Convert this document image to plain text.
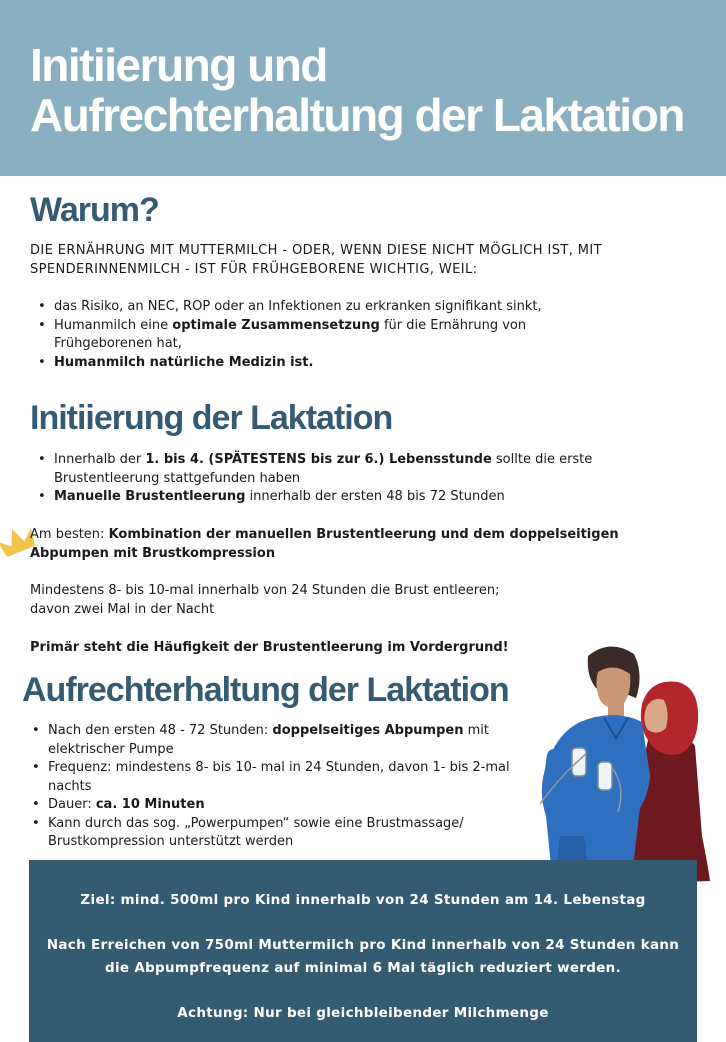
Initiierung und
Aufrechterhaltung der Laktation
Warum?

DIE ERNÄHRUNG MIT MUTTERMILCH - ODER, WENN DIESE NICHT MÖGLICH IST, MIT
SPENDERINNENMILCH - IST FÜR FRÜHGEBORENE WICHTIG, WEIL:

• das Risiko, an NEC, ROP oder an Infektionen zu erkranken signifikant sinkt,
• Humanmilch eine optimale Zusammensetzung für die Ernährung von
Frühgeborenen hat,
• Humanmilch natürliche Medizin ist.
Initiierung der Laktation
• Innerhalb der 1. bis 4. (SPÄTESTENS bis zur 6.) Lebensstunde sollte die erste
Brustentleerung stattgefunden haben
• Manuelle Brustentleerung innerhalb der ersten 48 bis 72 Stunden

Am besten: Kombination der manuellen Brustentleerung und dem doppelseitigen
Abpumpen mit Brustkompression

Mindestens 8- bis 10-mal innerhalb von 24 Stunden die Brust entleeren;
davon zwei Mal in der Nacht

Primär steht die Häufigkeit der Brustentleerung im Vordergrund!

Aufrechterhaltung der Laktation
• Nach den ersten 48 - 72 Stunden: doppelseitiges Abpumpen mit
elektrischer Pumpe
• Frequenz: mindestens 8- bis 10- mal in 24 Stunden, davon 1- bis 2-mal
nachts
• Dauer: ca. 10 Minuten
• Kann durch das sog. „Powerpumpen“ sowie eine Brustmassage/
Brustkompression unterstützt werden

Ziel: mind. 500ml pro Kind innerhalb von 24 Stunden am 14. Lebenstag

Nach Erreichen von 750ml Muttermilch pro Kind innerhalb von 24 Stunden kann
die Abpumpfrequenz auf minimal 6 Mal täglich reduziert werden.

Achtung: Nur bei gleichbleibender Milchmenge
